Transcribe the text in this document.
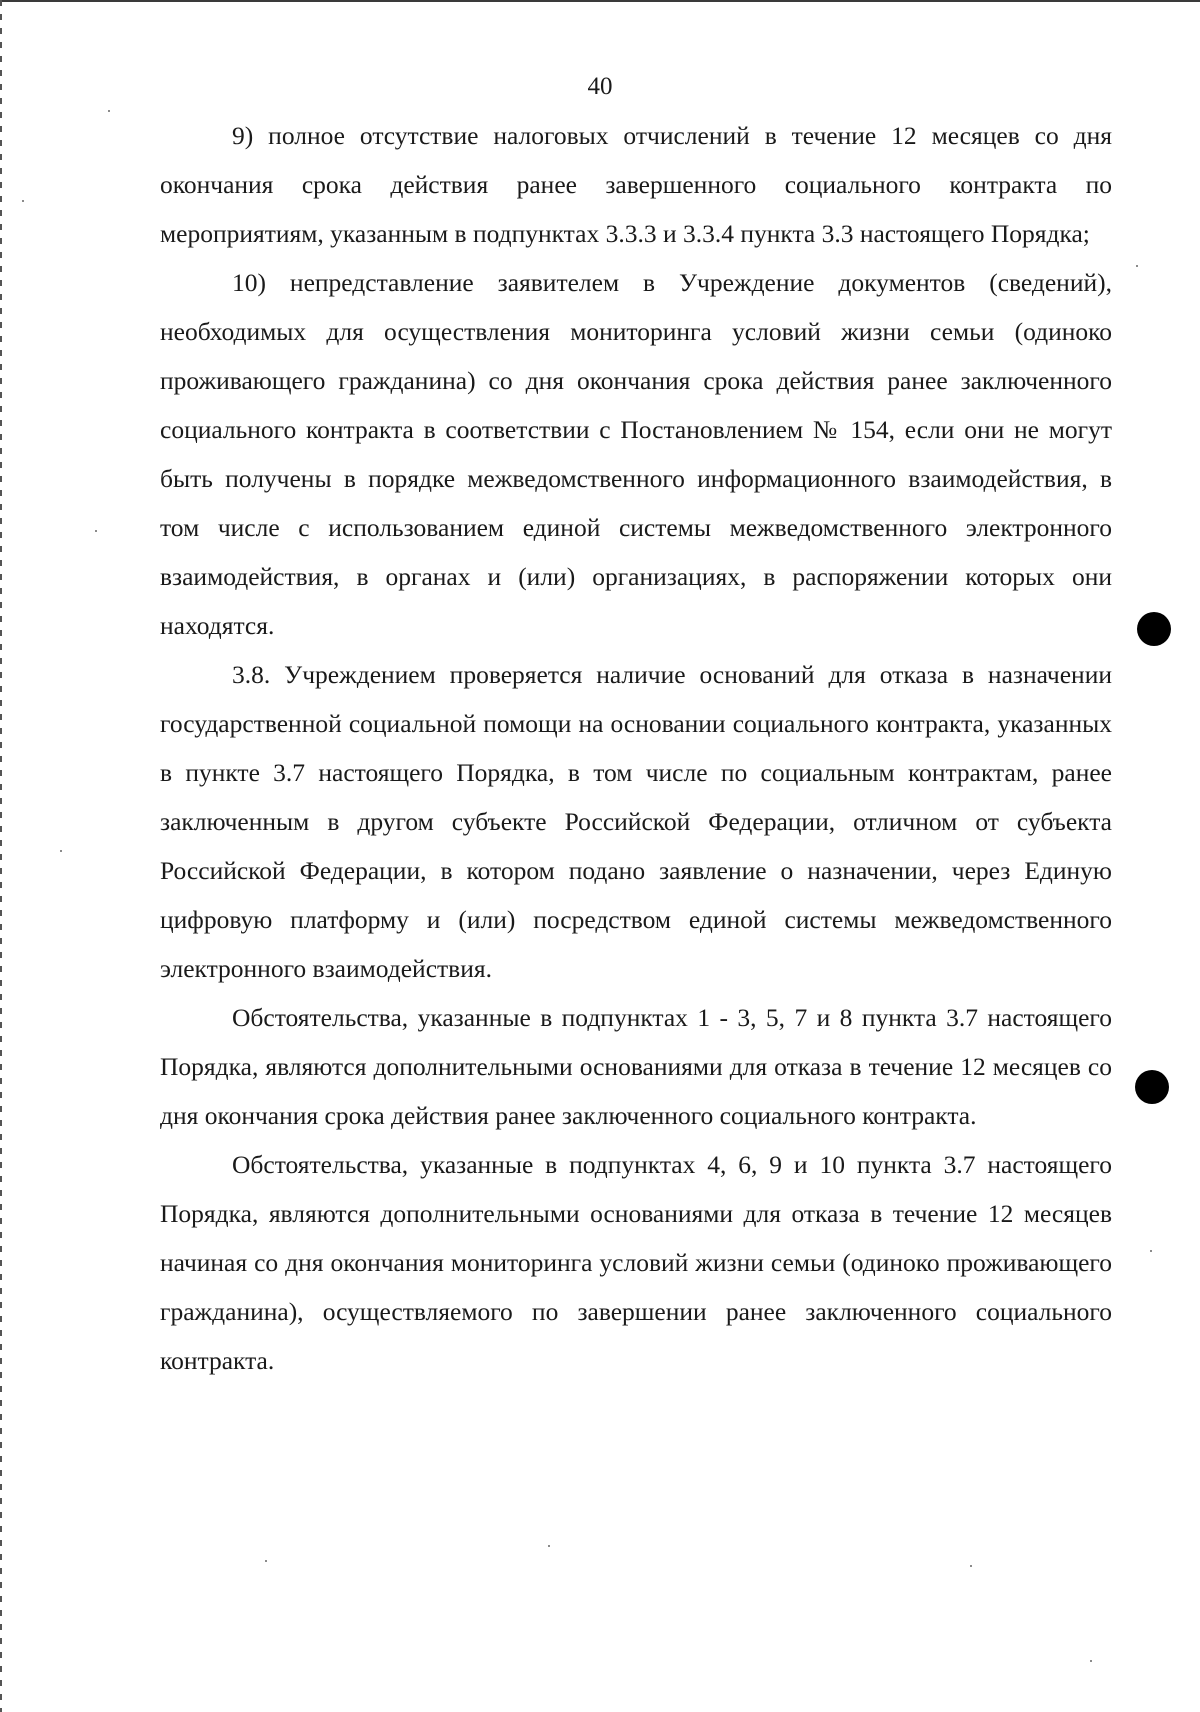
40

9) полное отсутствие налоговых отчислений в течение 12 месяцев со дня окончания срока действия ранее завершенного социального контракта по мероприятиям, указанным в подпунктах 3.3.3 и 3.3.4 пункта 3.3 настоящего Порядка;

10) непредставление заявителем в Учреждение документов (сведений), необходимых для осуществления мониторинга условий жизни семьи (одиноко проживающего гражданина) со дня окончания срока действия ранее заключенного социального контракта в соответствии с Постановлением № 154, если они не могут быть получены в порядке межведомственного информационного взаимодействия, в том числе с использованием единой системы межведомственного электронного взаимодействия, в органах и (или) организациях, в распоряжении которых они находятся.

3.8. Учреждением проверяется наличие оснований для отказа в назначении государственной социальной помощи на основании социального контракта, указанных в пункте 3.7 настоящего Порядка, в том числе по социальным контрактам, ранее заключенным в другом субъекте Российской Федерации, отличном от субъекта Российской Федерации, в котором подано заявление о назначении, через Единую цифровую платформу и (или) посредством единой системы межведомственного электронного взаимодействия.

Обстоятельства, указанные в подпунктах 1 - 3, 5, 7 и 8 пункта 3.7 настоящего Порядка, являются дополнительными основаниями для отказа в течение 12 месяцев со дня окончания срока действия ранее заключенного социального контракта.

Обстоятельства, указанные в подпунктах 4, 6, 9 и 10 пункта 3.7 настоящего Порядка, являются дополнительными основаниями для отказа в течение 12 месяцев начиная со дня окончания мониторинга условий жизни семьи (одиноко проживающего гражданина), осуществляемого по завершении ранее заключенного социального контракта.
